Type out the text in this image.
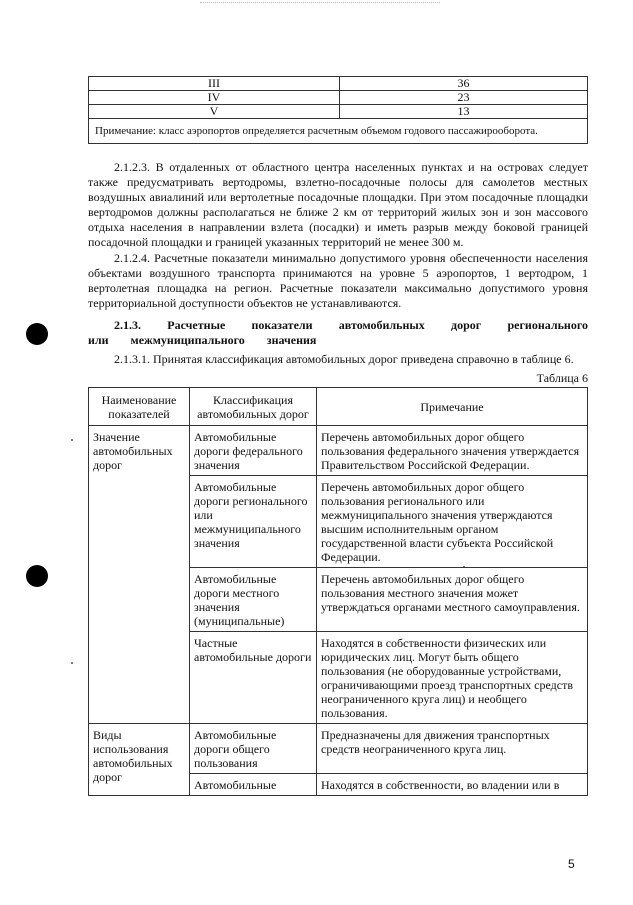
III	36
IV	23
V	13
Примечание: класс аэропортов определяется расчетным объемом годового пассажирооборота.	

2.1.2.3. В отдаленных от областного центра населенных пунктах и на островах следует также предусматривать вертодромы, взлетно-посадочные полосы для самолетов местных воздушных авиалиний или вертолетные посадочные площадки. При этом посадочные площадки вертодромов должны располагаться не ближе 2 км от территорий жилых зон и зон массового отдыха населения в направлении взлета (посадки) и иметь разрыв между боковой границей посадочной площадки и границей указанных территорий не менее 300 м.

2.1.2.4. Расчетные показатели минимально допустимого уровня обеспеченности населения объектами воздушного транспорта принимаются на уровне 5 аэропортов, 1 вертодром, 1 вертолетная площадка на регион. Расчетные показатели максимально допустимого уровня территориальной доступности объектов не устанавливаются.

2.1.3. Расчетные показатели автомобильных дорог регионального или межмуниципального значения

2.1.3.1. Принятая классификация автомобильных дорог приведена справочно в таблице 6.

Таблица 6
Наименование показателей	Классификация автомобильных дорог	Примечание
Значение автомобильных дорог	Автомобильные дороги федерального значения	Перечень автомобильных дорог общего пользования федерального значения утверждается Правительством Российской Федерации.
	Автомобильные дороги регионального или межмуниципального значения	Перечень автомобильных дорог общего пользования регионального или межмуниципального значения утверждаются высшим исполнительным органом государственной власти субъекта Российской Федерации.
	Автомобильные дороги местного значения (муниципальные)	Перечень автомобильных дорог общего пользования местного значения может утверждаться органами местного самоуправления.
	Частные автомобильные дороги	Находятся в собственности физических или юридических лиц. Могут быть общего пользования (не оборудованные устройствами, ограничивающими проезд транспортных средств неограниченного круга лиц) и необщего пользования.
Виды использования автомобильных дорог	Автомобильные дороги общего пользования	Предназначены для движения транспортных средств неограниченного круга лиц.
	Автомобильные	Находятся в собственности, во владении или в
5
